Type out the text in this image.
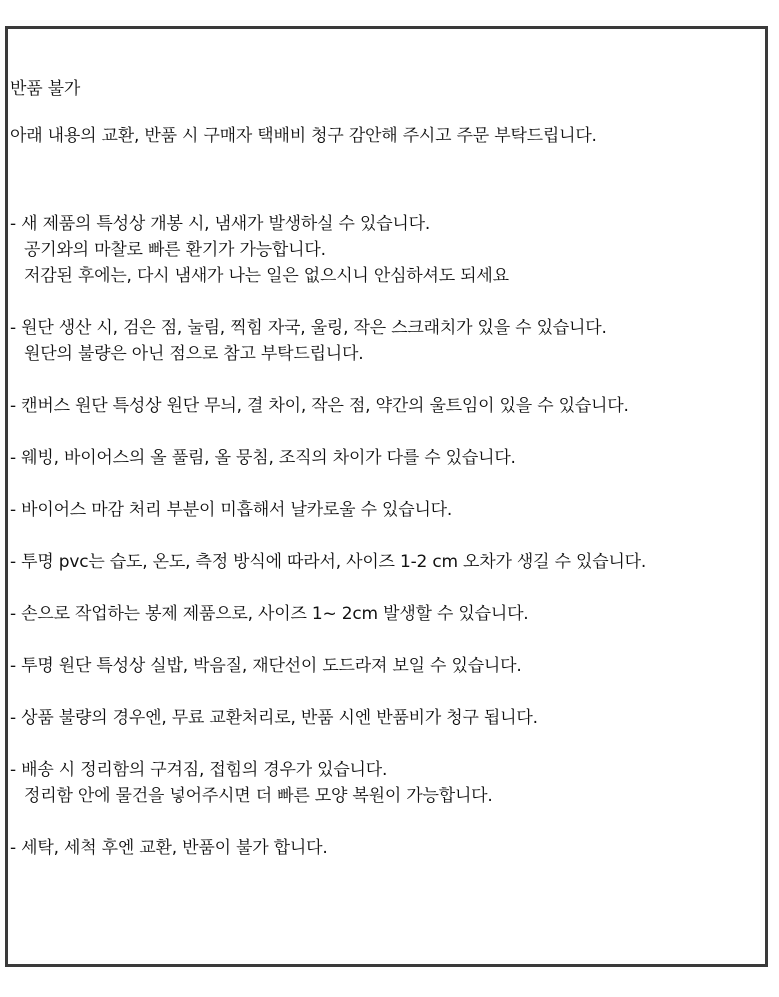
반품 불가
아래 내용의 교환, 반품 시 구매자 택배비 청구 감안해 주시고 주문 부탁드립니다.
- 새 제품의 특성상 개봉 시, 냄새가 발생하실 수 있습니다.
공기와의 마찰로 빠른 환기가 가능합니다.
저감된 후에는, 다시 냄새가 나는 일은 없으시니 안심하셔도 되세요
- 원단 생산 시, 검은 점, 눌림, 찍힘 자국, 울링, 작은 스크래치가 있을 수 있습니다.
원단의 불량은 아닌 점으로 참고 부탁드립니다.
- 캔버스 원단 특성상 원단 무늬, 결 차이, 작은 점, 약간의 울트임이 있을 수 있습니다.
- 웨빙, 바이어스의 올 풀림, 올 뭉침, 조직의 차이가 다를 수 있습니다.
- 바이어스 마감 처리 부분이 미흡해서 날카로울 수 있습니다.
- 투명 pvc는 습도, 온도, 측정 방식에 따라서, 사이즈 1-2 cm 오차가 생길 수 있습니다.
- 손으로 작업하는 봉제 제품으로, 사이즈 1~ 2cm 발생할 수 있습니다.
- 투명 원단 특성상 실밥, 박음질, 재단선이 도드라져 보일 수 있습니다.
- 상품 불량의 경우엔, 무료 교환처리로, 반품 시엔 반품비가 청구 됩니다.
- 배송 시 정리함의 구겨짐, 접힘의 경우가 있습니다.
정리함 안에 물건을 넣어주시면 더 빠른 모양 복원이 가능합니다.
- 세탁, 세척 후엔 교환, 반품이 불가 합니다.
